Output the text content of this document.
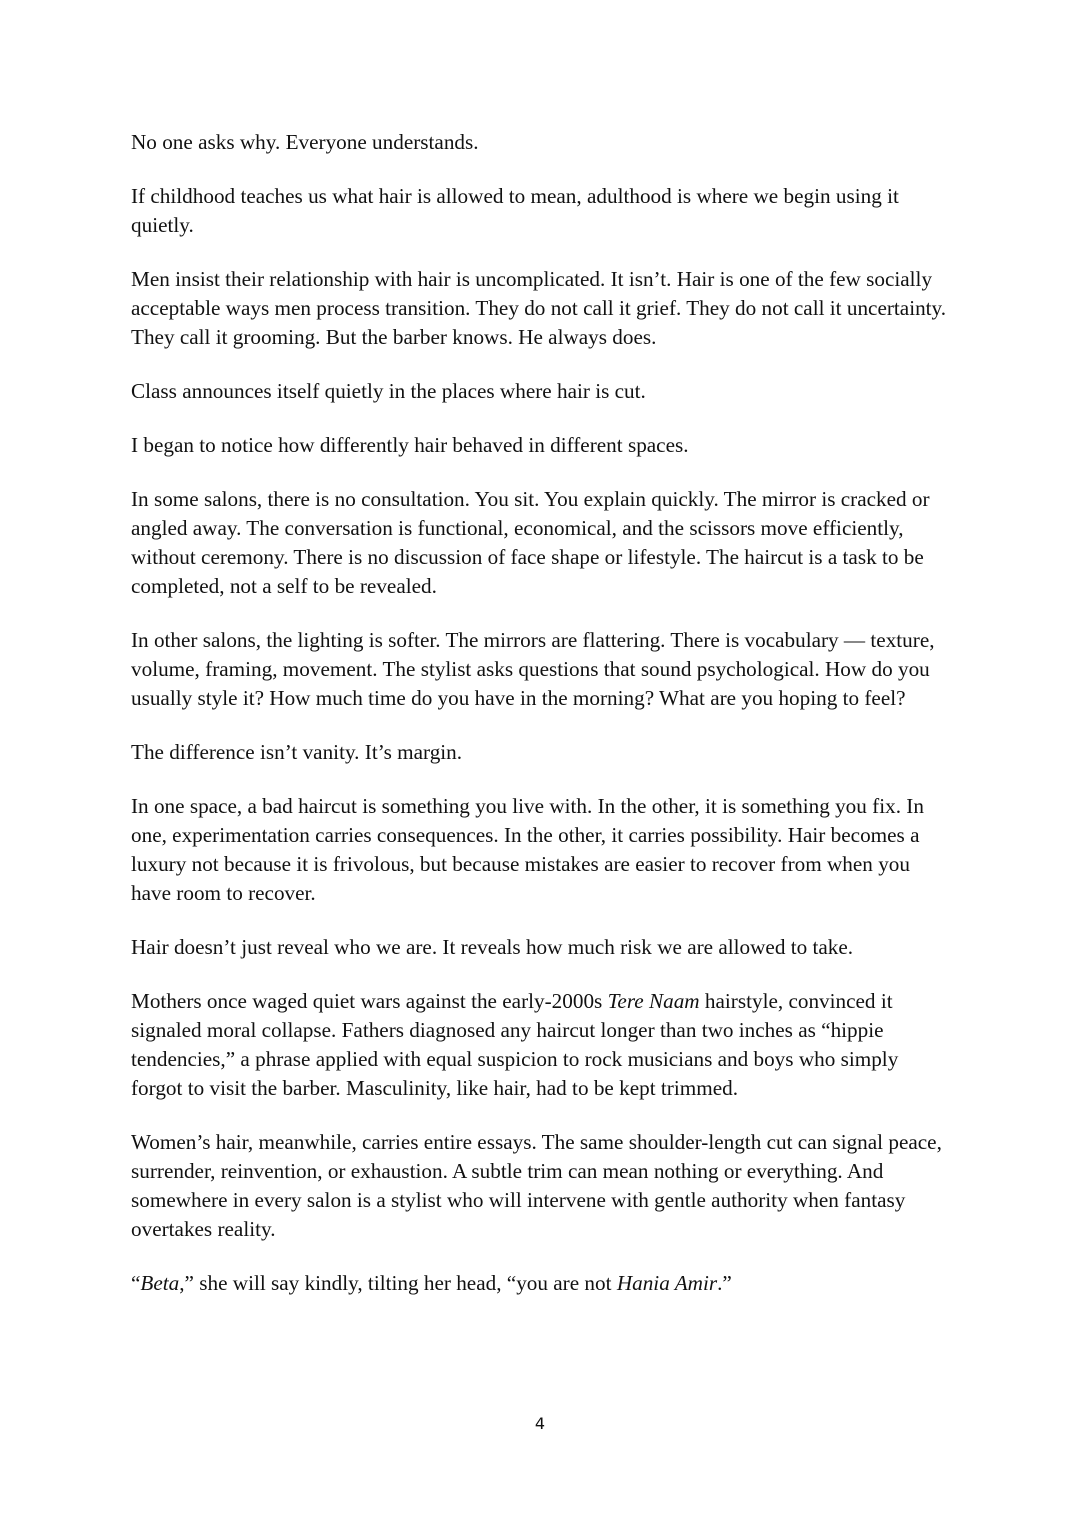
No one asks why. Everyone understands.

If childhood teaches us what hair is allowed to mean, adulthood is where we begin using it quietly.

Men insist their relationship with hair is uncomplicated. It isn’t. Hair is one of the few socially acceptable ways men process transition. They do not call it grief. They do not call it uncertainty. They call it grooming. But the barber knows. He always does.

Class announces itself quietly in the places where hair is cut.

I began to notice how differently hair behaved in different spaces.

In some salons, there is no consultation. You sit. You explain quickly. The mirror is cracked or angled away. The conversation is functional, economical, and the scissors move efficiently, without ceremony. There is no discussion of face shape or lifestyle. The haircut is a task to be completed, not a self to be revealed.

In other salons, the lighting is softer. The mirrors are flattering. There is vocabulary — texture, volume, framing, movement. The stylist asks questions that sound psychological. How do you usually style it? How much time do you have in the morning? What are you hoping to feel?

The difference isn’t vanity. It’s margin.

In one space, a bad haircut is something you live with. In the other, it is something you fix. In one, experimentation carries consequences. In the other, it carries possibility. Hair becomes a luxury not because it is frivolous, but because mistakes are easier to recover from when you have room to recover.

Hair doesn’t just reveal who we are. It reveals how much risk we are allowed to take.

Mothers once waged quiet wars against the early-2000s Tere Naam hairstyle, convinced it signaled moral collapse. Fathers diagnosed any haircut longer than two inches as “hippie tendencies,” a phrase applied with equal suspicion to rock musicians and boys who simply forgot to visit the barber. Masculinity, like hair, had to be kept trimmed.

Women’s hair, meanwhile, carries entire essays. The same shoulder-length cut can signal peace, surrender, reinvention, or exhaustion. A subtle trim can mean nothing or everything. And somewhere in every salon is a stylist who will intervene with gentle authority when fantasy overtakes reality.

“Beta,” she will say kindly, tilting her head, “you are not Hania Amir.”

4
